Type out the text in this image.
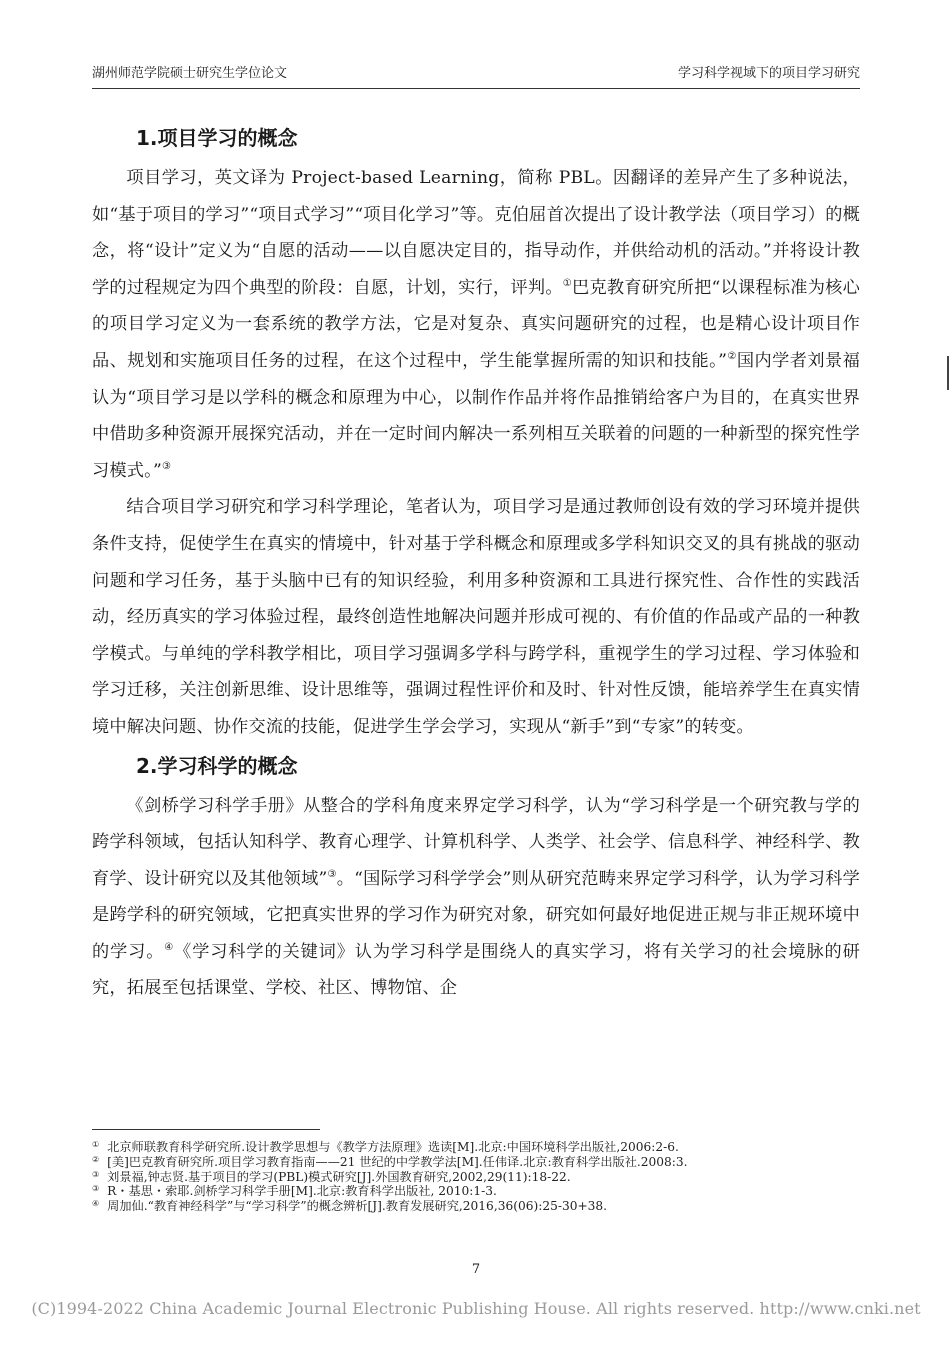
湖州师范学院硕士研究生学位论文	学习科学视域下的项目学习研究
1.项目学习的概念

项目学习，英文译为 Project-based Learning，简称 PBL。因翻译的差异产生了多种说法，如“基于项目的学习”“项目式学习”“项目化学习”等。克伯屈首次提出了设计教学法（项目学习）的概念，将“设计”定义为“自愿的活动——以自愿决定目的，指导动作，并供给动机的活动。”并将设计教学的过程规定为四个典型的阶段：自愿，计划，实行，评判。①巴克教育研究所把“以课程标准为核心的项目学习定义为一套系统的教学方法，它是对复杂、真实问题研究的过程，也是精心设计项目作品、规划和实施项目任务的过程，在这个过程中，学生能掌握所需的知识和技能。”②国内学者刘景福认为“项目学习是以学科的概念和原理为中心，以制作作品并将作品推销给客户为目的，在真实世界中借助多种资源开展探究活动，并在一定时间内解决一系列相互关联着的问题的一种新型的探究性学习模式。”③

结合项目学习研究和学习科学理论，笔者认为，项目学习是通过教师创设有效的学习环境并提供条件支持，促使学生在真实的情境中，针对基于学科概念和原理或多学科知识交叉的具有挑战的驱动问题和学习任务，基于头脑中已有的知识经验，利用多种资源和工具进行探究性、合作性的实践活动，经历真实的学习体验过程，最终创造性地解决问题并形成可视的、有价值的作品或产品的一种教学模式。与单纯的学科教学相比，项目学习强调多学科与跨学科，重视学生的学习过程、学习体验和学习迁移，关注创新思维、设计思维等，强调过程性评价和及时、针对性反馈，能培养学生在真实情境中解决问题、协作交流的技能，促进学生学会学习，实现从“新手”到“专家”的转变。

2.学习科学的概念

《剑桥学习科学手册》从整合的学科角度来界定学习科学，认为“学习科学是一个研究教与学的跨学科领域，包括认知科学、教育心理学、计算机科学、人类学、社会学、信息科学、神经科学、教育学、设计研究以及其他领域”③。“国际学习科学学会”则从研究范畴来界定学习科学，认为学习科学是跨学科的研究领域，它把真实世界的学习作为研究对象，研究如何最好地促进正规与非正规环境中的学习。④《学习科学的关键词》认为学习科学是围绕人的真实学习，将有关学习的社会境脉的研究，拓展至包括课堂、学校、社区、博物馆、企

① 北京师联教育科学研究所.设计教学思想与《教学方法原理》选读[M].北京:中国环境科学出版社,2006:2-6.
② [美]巴克教育研究所.项目学习教育指南——21 世纪的中学教学法[M].任伟译.北京:教育科学出版社.2008:3.
③ 刘景福,钟志贤.基于项目的学习(PBL)模式研究[J].外国教育研究,2002,29(11):18-22.
③ R・基思・索耶.剑桥学习科学手册[M].北京:教育科学出版社, 2010:1-3.
④ 周加仙.“教育神经科学”与“学习科学”的概念辨析[J].教育发展研究,2016,36(06):25-30+38.
7
(C)1994-2022 China Academic Journal Electronic Publishing House. All rights reserved. http://www.cnki.net
